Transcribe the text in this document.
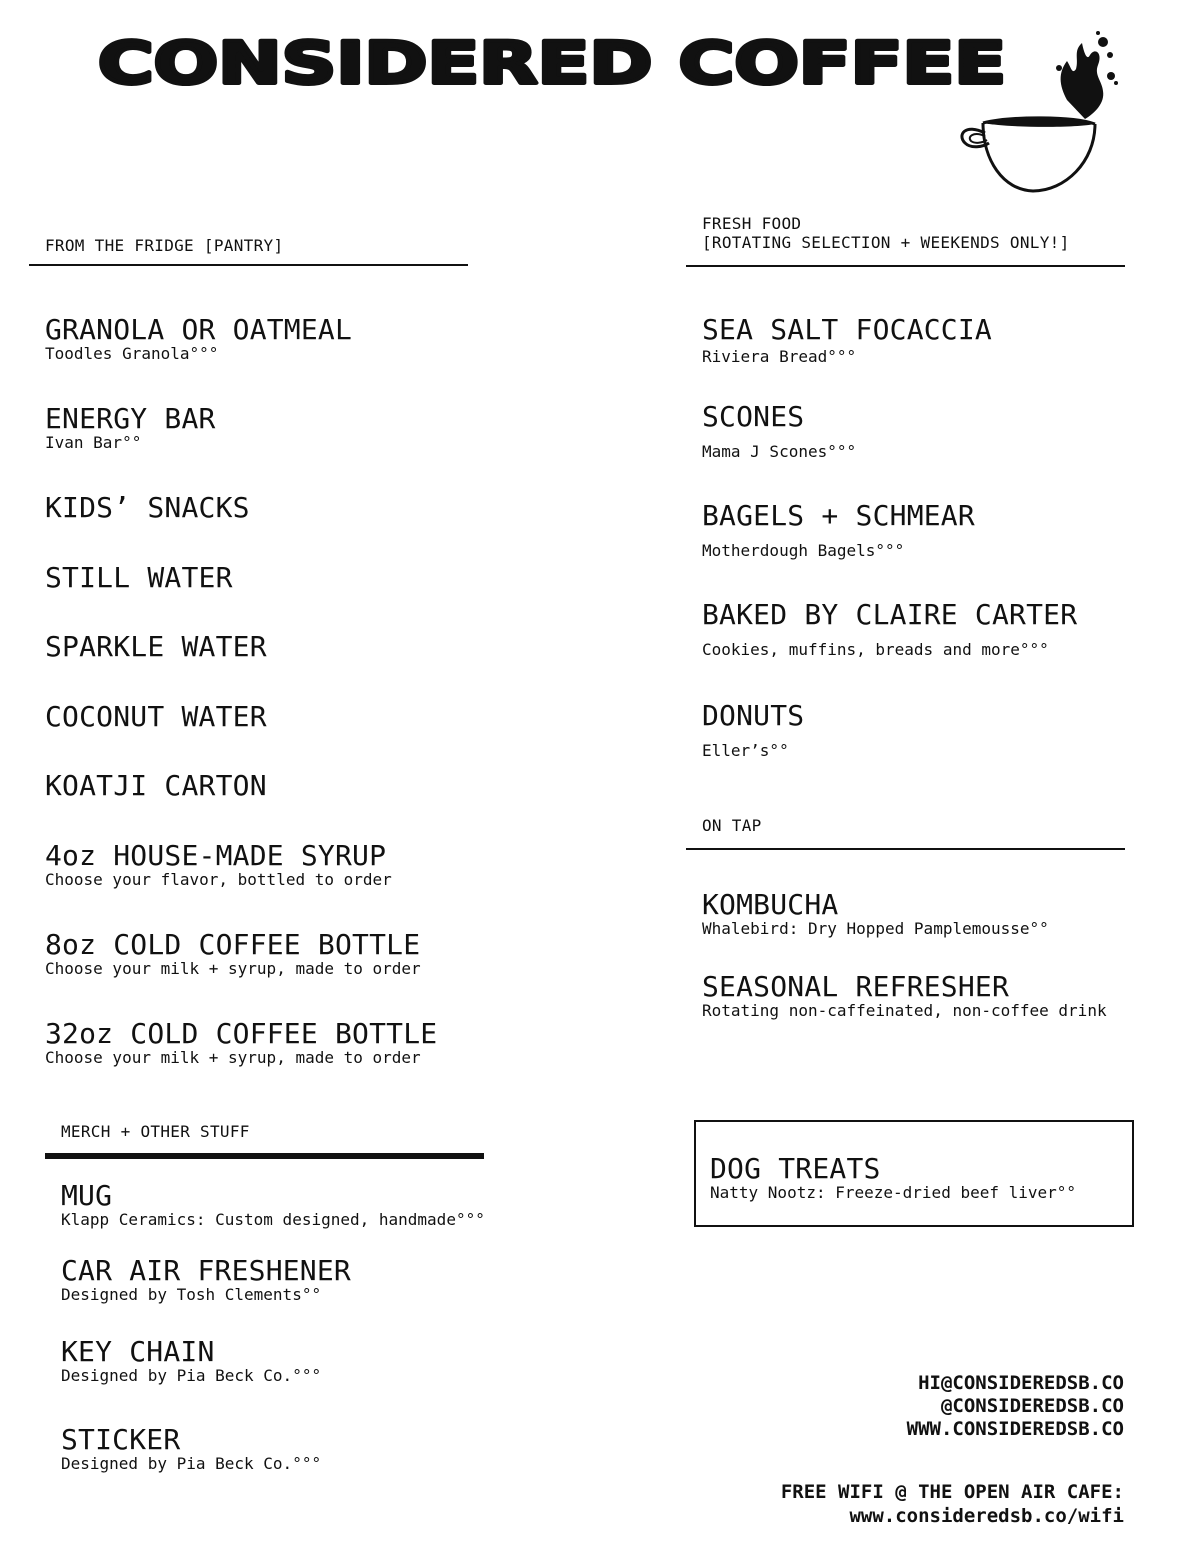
CONSIDERED COFFEE

FROM THE FRIDGE [PANTRY]

GRANOLA OR OATMEAL

Toodles Granola°°°

ENERGY BAR

Ivan Bar°°

KIDS’ SNACKS

STILL WATER

SPARKLE WATER

COCONUT WATER

KOATJI CARTON

4oz HOUSE-MADE SYRUP

Choose your flavor, bottled to order

8oz COLD COFFEE BOTTLE

Choose your milk + syrup, made to order

32oz COLD COFFEE BOTTLE

Choose your milk + syrup, made to order

FRESH FOOD

[ROTATING SELECTION + WEEKENDS ONLY!]

SEA SALT FOCACCIA

Riviera Bread°°°

SCONES

Mama J Scones°°°

BAGELS + SCHMEAR

Motherdough Bagels°°°

BAKED BY CLAIRE CARTER

Cookies, muffins, breads and more°°°

DONUTS

Eller’s°°

ON TAP

KOMBUCHA

Whalebird: Dry Hopped Pamplemousse°°

SEASONAL REFRESHER

Rotating non-caffeinated, non-coffee drink

DOG TREATS

Natty Nootz: Freeze-dried beef liver°°

MERCH + OTHER STUFF

MUG

Klapp Ceramics: Custom designed, handmade°°°

CAR AIR FRESHENER

Designed by Tosh Clements°°

KEY CHAIN

Designed by Pia Beck Co.°°°

STICKER

Designed by Pia Beck Co.°°°

HI@CONSIDEREDSB.CO
@CONSIDEREDSB.CO
WWW.CONSIDEREDSB.CO
FREE WIFI @ THE OPEN AIR CAFE:
www.consideredsb.co/wifi
